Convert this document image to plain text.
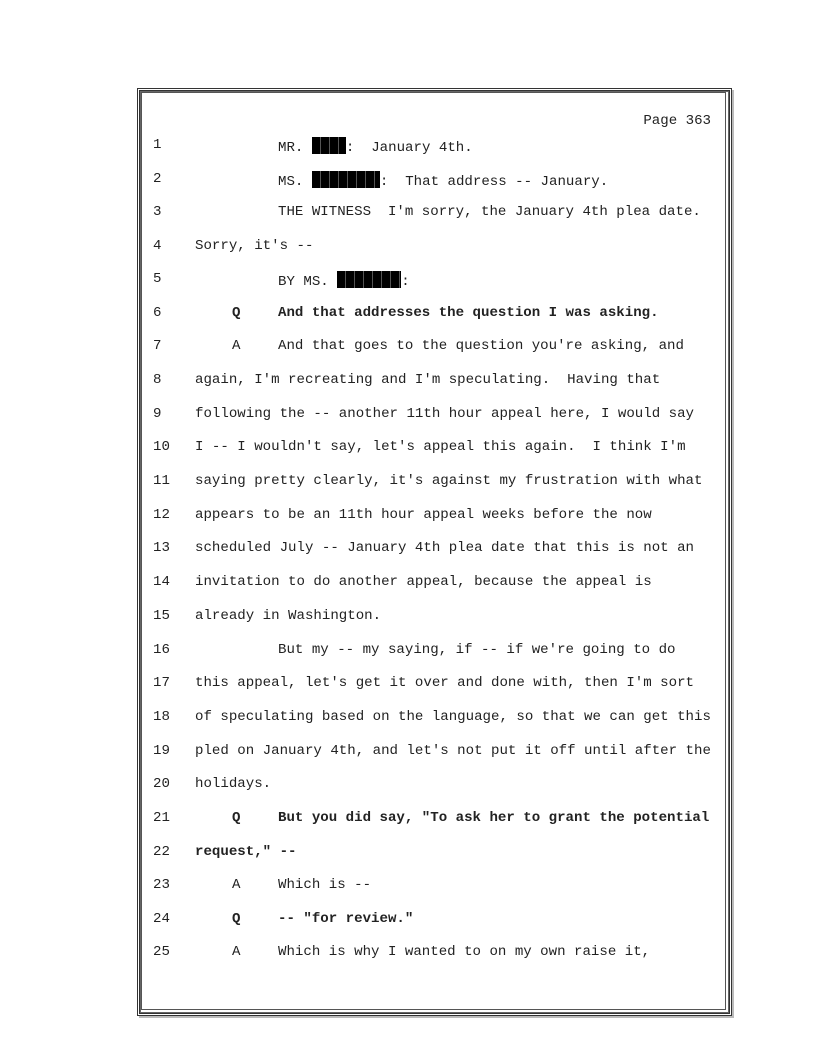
Page 363
1	MR. :  January 4th.
2	MS.	:  That address -- January.
3	THE WITNESS  I'm sorry, the January 4th plea date.
4	Sorry, it's --
5	BY MS.	:
6	Q	And that addresses the question I was asking.
7	A	And that goes to the question you're asking, and
8	again, I'm recreating and I'm speculating.  Having that
9	following the -- another 11th hour appeal here, I would say
10 I -- I wouldn't say, let's appeal this again.  I think I'm
11 saying pretty clearly, it's against my frustration with what
12 appears to be an 11th hour appeal weeks before the now
13 scheduled July -- January 4th plea date that this is not an
14 invitation to do another appeal, because the appeal is
15 already in Washington.
16	But my -- my saying, if -- if we're going to do
17 this appeal, let's get it over and done with, then I'm sort
18 of speculating based on the language, so that we can get this
19 pled on January 4th, and let's not put it off until after the
20 holidays.
21	Q	But you did say, "To ask her to grant the potential
22 request," --
23	A	Which is --
24	Q	-- "for review."
25	A	Which is why I wanted to on my own raise it,
